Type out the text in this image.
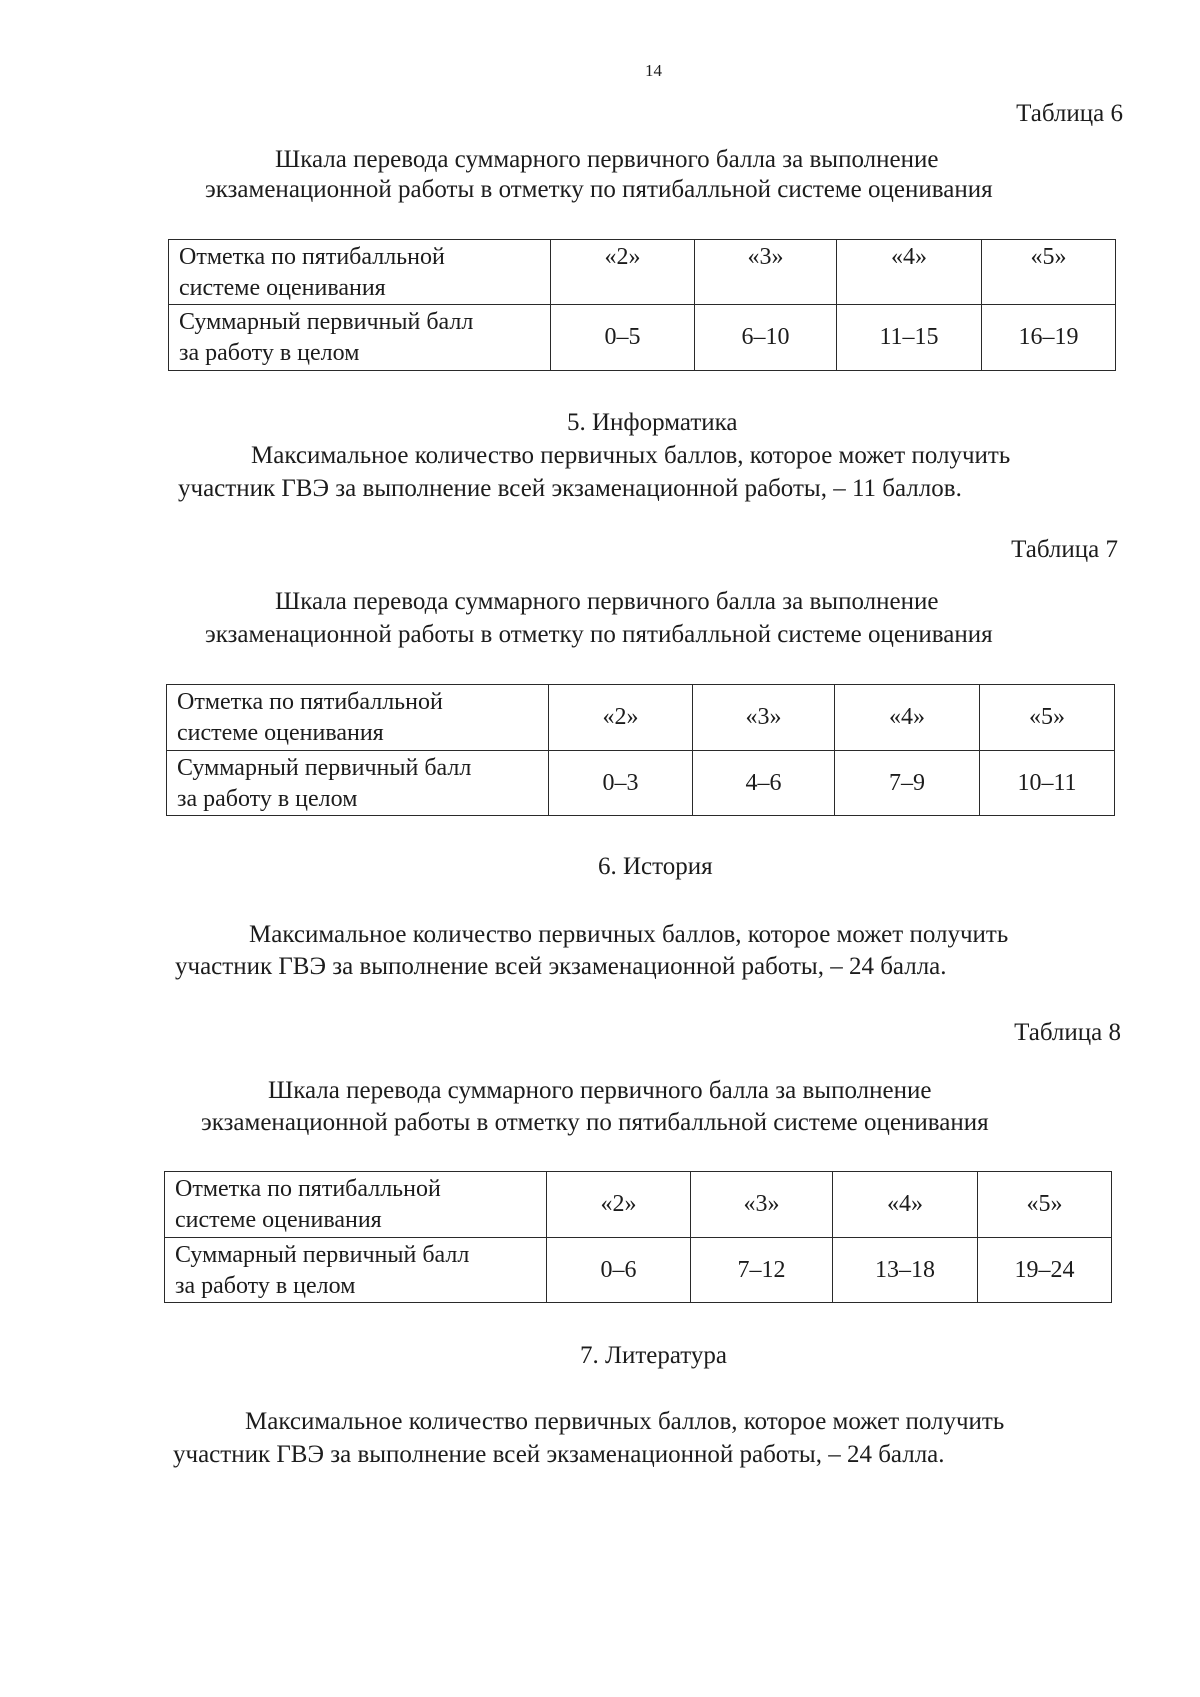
14
Таблица 6
Шкала перевода суммарного первичного балла за выполнение
экзаменационной работы в отметку по пятибалльной системе оценивания
Отметка по пятибалльной
системе оценивания	«2»	«3»	«4»	«5»

Суммарный первичный балл
за работу в целом	0–5	6–10	11–15	16–19
5. Информатика
Максимальное количество первичных баллов, которое может получить
участник ГВЭ за выполнение всей экзаменационной работы, – 11 баллов.
Таблица 7
Шкала перевода суммарного первичного балла за выполнение
экзаменационной работы в отметку по пятибалльной системе оценивания
Отметка по пятибалльной
системе оценивания	«2»	«3»	«4»	«5»

Суммарный первичный балл
за работу в целом	0–3	4–6	7–9	10–11
6. История
Максимальное количество первичных баллов, которое может получить
участник ГВЭ за выполнение всей экзаменационной работы, – 24 балла.
Таблица 8
Шкала перевода суммарного первичного балла за выполнение
экзаменационной работы в отметку по пятибалльной системе оценивания
Отметка по пятибалльной
системе оценивания	«2»	«3»	«4»	«5»

Суммарный первичный балл
за работу в целом	0–6	7–12	13–18	19–24
7. Литература
Максимальное количество первичных баллов, которое может получить
участник ГВЭ за выполнение всей экзаменационной работы, – 24 балла.
